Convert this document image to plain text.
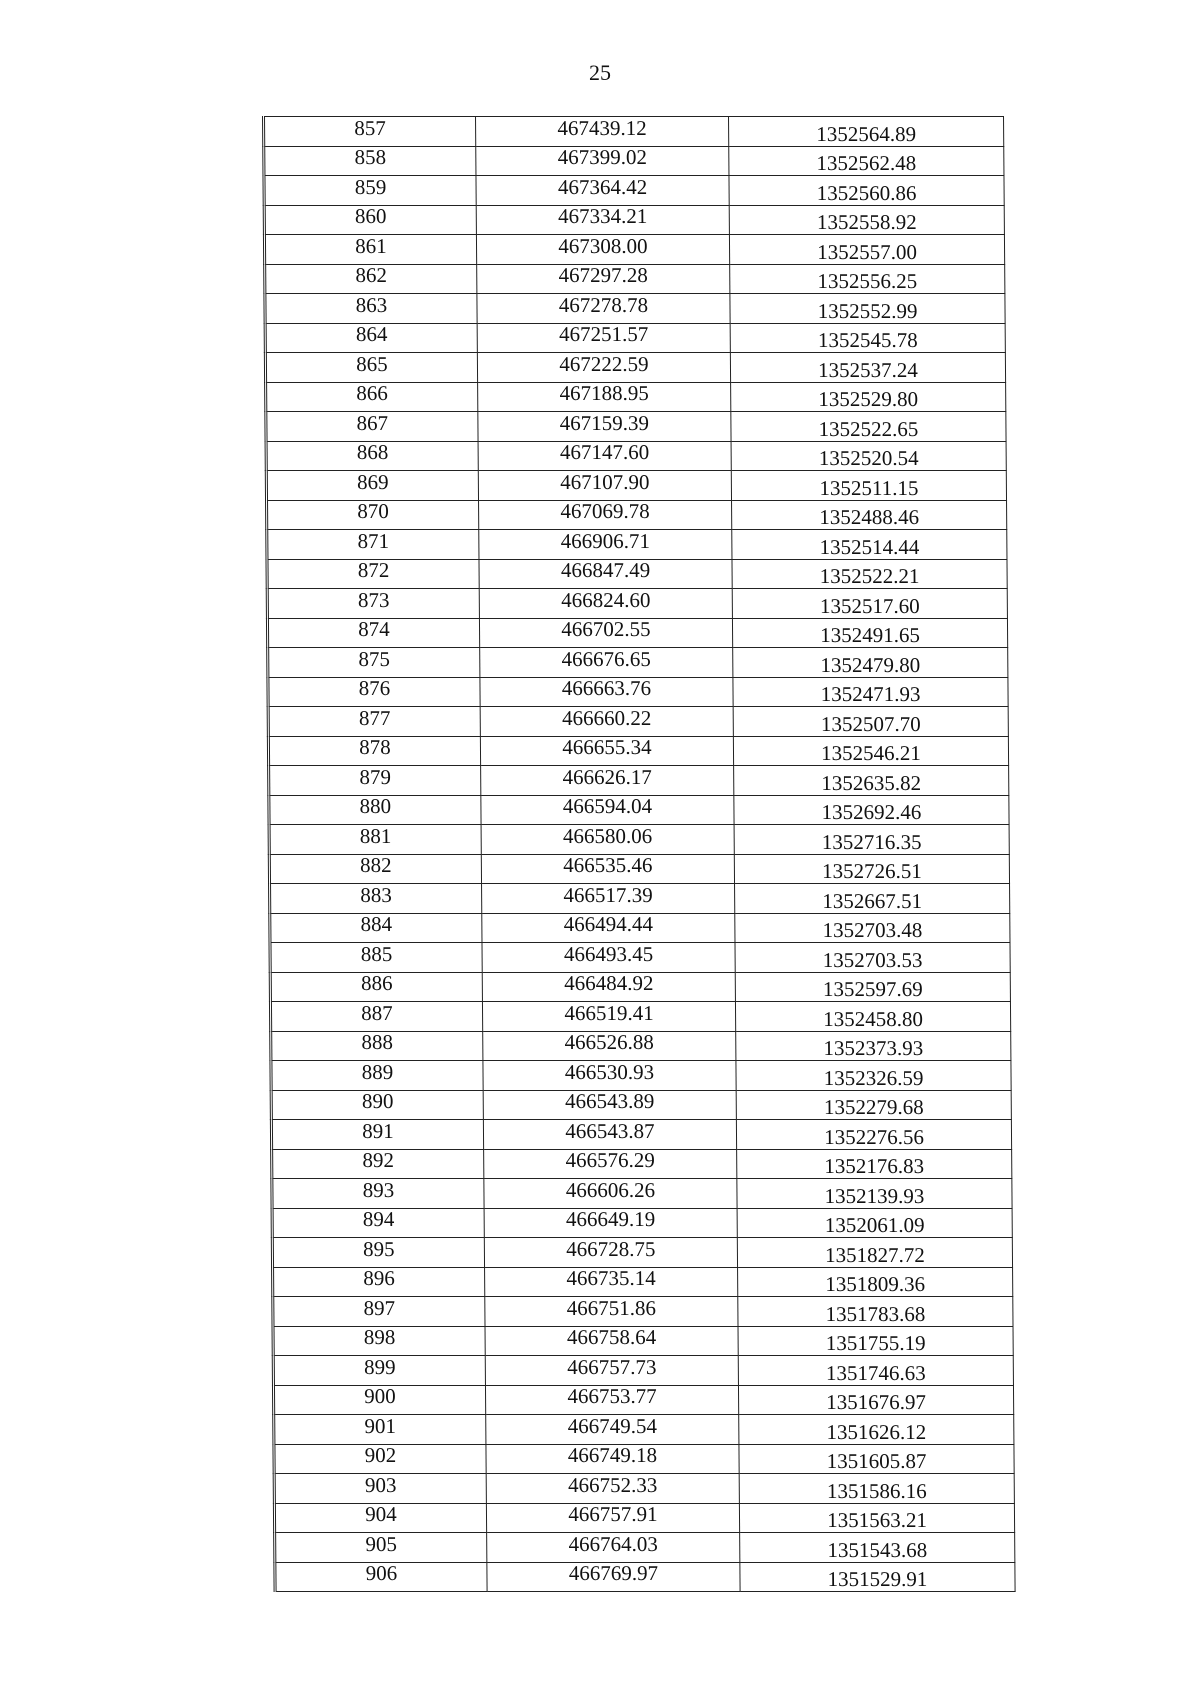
25
857	467439.12	1352564.89
858	467399.02	1352562.48
859	467364.42	1352560.86
860	467334.21	1352558.92
861	467308.00	1352557.00
862	467297.28	1352556.25
863	467278.78	1352552.99
864	467251.57	1352545.78
865	467222.59	1352537.24
866	467188.95	1352529.80
867	467159.39	1352522.65
868	467147.60	1352520.54
869	467107.90	1352511.15
870	467069.78	1352488.46
871	466906.71	1352514.44
872	466847.49	1352522.21
873	466824.60	1352517.60
874	466702.55	1352491.65
875	466676.65	1352479.80
876	466663.76	1352471.93
877	466660.22	1352507.70
878	466655.34	1352546.21
879	466626.17	1352635.82
880	466594.04	1352692.46
881	466580.06	1352716.35
882	466535.46	1352726.51
883	466517.39	1352667.51
884	466494.44	1352703.48
885	466493.45	1352703.53
886	466484.92	1352597.69
887	466519.41	1352458.80
888	466526.88	1352373.93
889	466530.93	1352326.59
890	466543.89	1352279.68
891	466543.87	1352276.56
892	466576.29	1352176.83
893	466606.26	1352139.93
894	466649.19	1352061.09
895	466728.75	1351827.72
896	466735.14	1351809.36
897	466751.86	1351783.68
898	466758.64	1351755.19
899	466757.73	1351746.63
900	466753.77	1351676.97
901	466749.54	1351626.12
902	466749.18	1351605.87
903	466752.33	1351586.16
904	466757.91	1351563.21
905	466764.03	1351543.68
906	466769.97	1351529.91
